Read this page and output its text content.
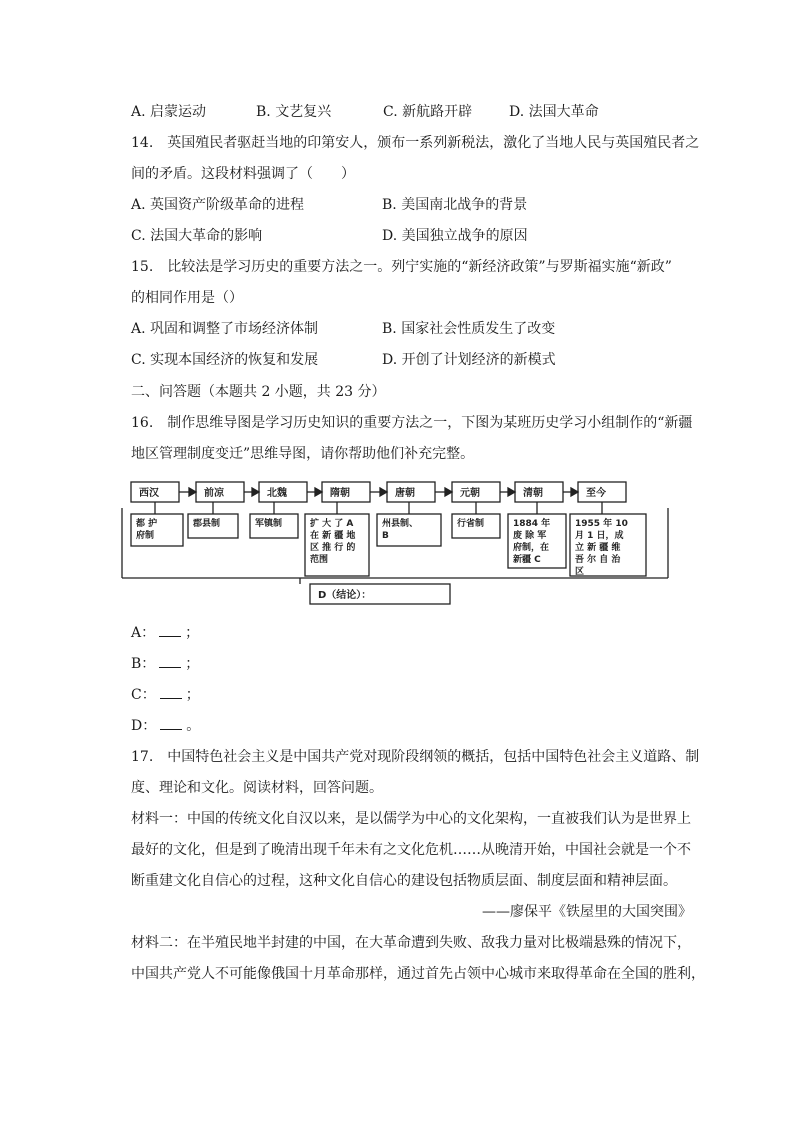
A. 启蒙运动	B. 文艺复兴	C. 新航路开辟	D. 法国大革命
14.　英国殖民者驱赶当地的印第安人，颁布一系列新税法，激化了当地人民与英国殖民者之
间的矛盾。这段材料强调了（　　）
A. 英国资产阶级革命的进程	B. 美国南北战争的背景
C. 法国大革命的影响	D. 美国独立战争的原因
15.　比较法是学习历史的重要方法之一。列宁实施的“新经济政策”与罗斯福实施“新政”
的相同作用是（）
A. 巩固和调整了市场经济体制	B. 国家社会性质发生了改变
C. 实现本国经济的恢复和发展	D. 开创了计划经济的新模式
二、问答题（本题共 2 小题，共 23 分）
16.　制作思维导图是学习历史知识的重要方法之一，下图为某班历史学习小组制作的“新疆
地区管理制度变迁”思维导图，请你帮助他们补充完整。
西汉
都 护
府制
前凉
郡县制
北魏
军镇制
隋朝
扩 大 了 A
在 新 疆 地
区 推 行 的
范围
唐朝
州县制、
B
元朝
行省制
清朝
1884 年
废 除 军
府制，在
新疆 C
至今
1955 年 10
月 1 日，成
立 新 疆 维
吾 尔 自 治
区
D（结论）：
A： ；
B： ；
C： ；
D： 。
17.　中国特色社会主义是中国共产党对现阶段纲领的概括，包括中国特色社会主义道路、制
度、理论和文化。阅读材料，回答问题。
材料一：中国的传统文化自汉以来，是以儒学为中心的文化架构，一直被我们认为是世界上
最好的文化，但是到了晚清出现千年未有之文化危机……从晚清开始，中国社会就是一个不
断重建文化自信心的过程，这种文化自信心的建设包括物质层面、制度层面和精神层面。
——廖保平《铁屋里的大国突围》
材料二：在半殖民地半封建的中国，在大革命遭到失败、敌我力量对比极端悬殊的情况下，
中国共产党人不可能像俄国十月革命那样，通过首先占领中心城市来取得革命在全国的胜利，
